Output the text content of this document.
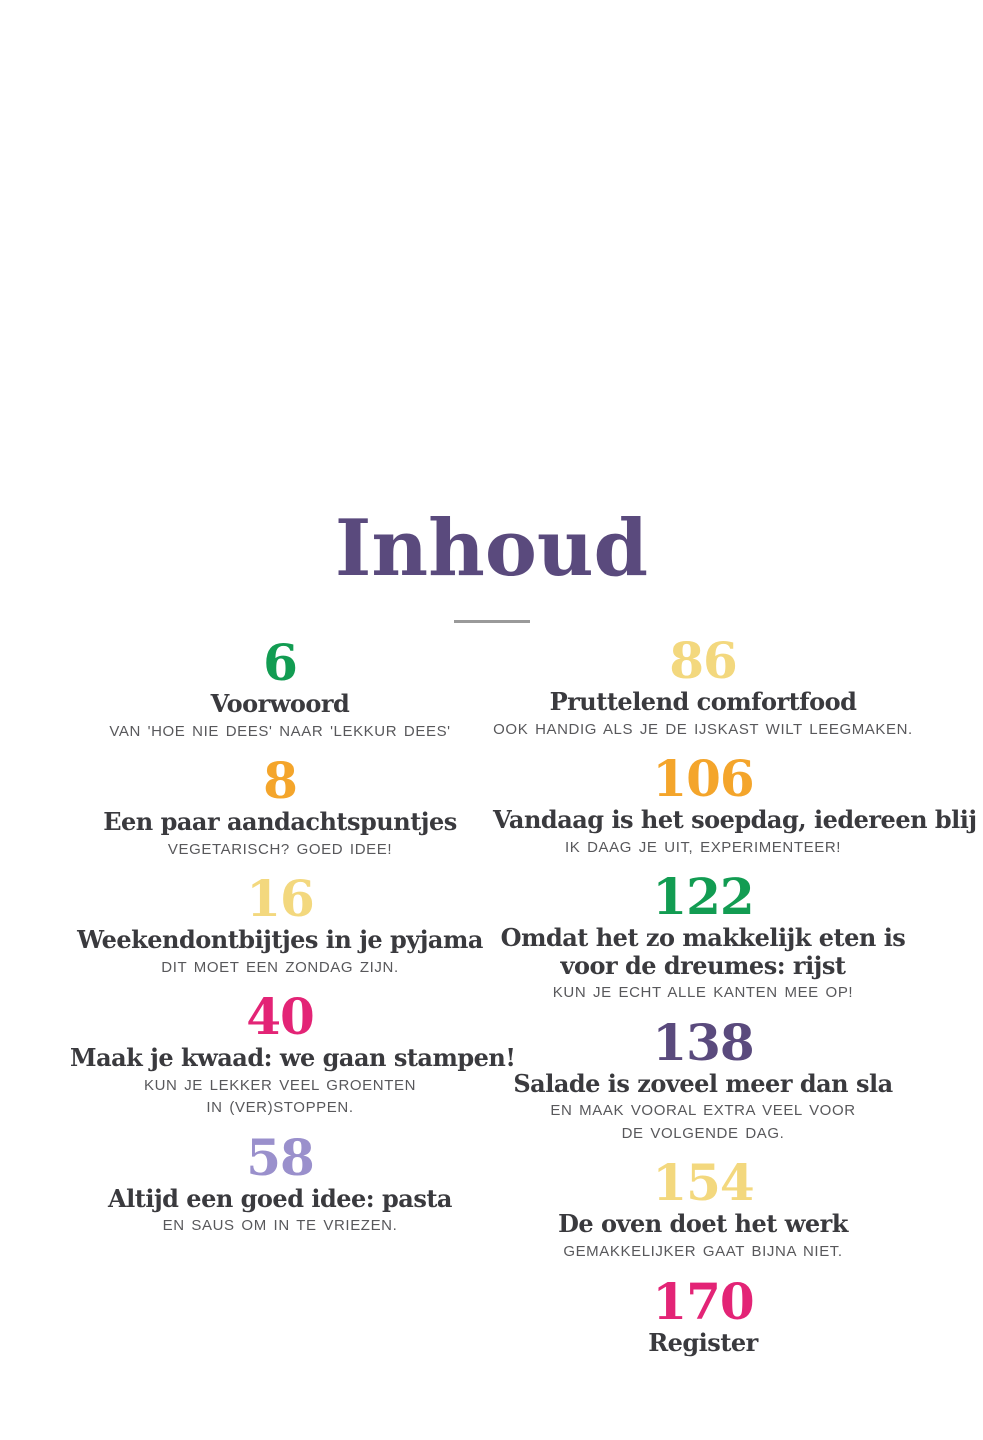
Inhoud
6
Voorwoord
VAN 'HOE NIE DEES' NAAR 'LEKKUR DEES'
8
Een paar aandachtspuntjes
VEGETARISCH? GOED IDEE!
16
Weekendontbijtjes in je pyjama
DIT MOET EEN ZONDAG ZIJN.
40
Maak je kwaad: we gaan stampen!
KUN JE LEKKER VEEL GROENTEN
IN (VER)STOPPEN.
58
Altijd een goed idee: pasta
EN SAUS OM IN TE VRIEZEN.
86
Pruttelend comfortfood
OOK HANDIG ALS JE DE IJSKAST WILT LEEGMAKEN.
106
Vandaag is het soepdag, iedereen blij
IK DAAG JE UIT, EXPERIMENTEER!
122
Omdat het zo makkelijk eten is
voor de dreumes: rijst
KUN JE ECHT ALLE KANTEN MEE OP!
138
Salade is zoveel meer dan sla
EN MAAK VOORAL EXTRA VEEL VOOR
DE VOLGENDE DAG.
154
De oven doet het werk
GEMAKKELIJKER GAAT BIJNA NIET.
170
Register
